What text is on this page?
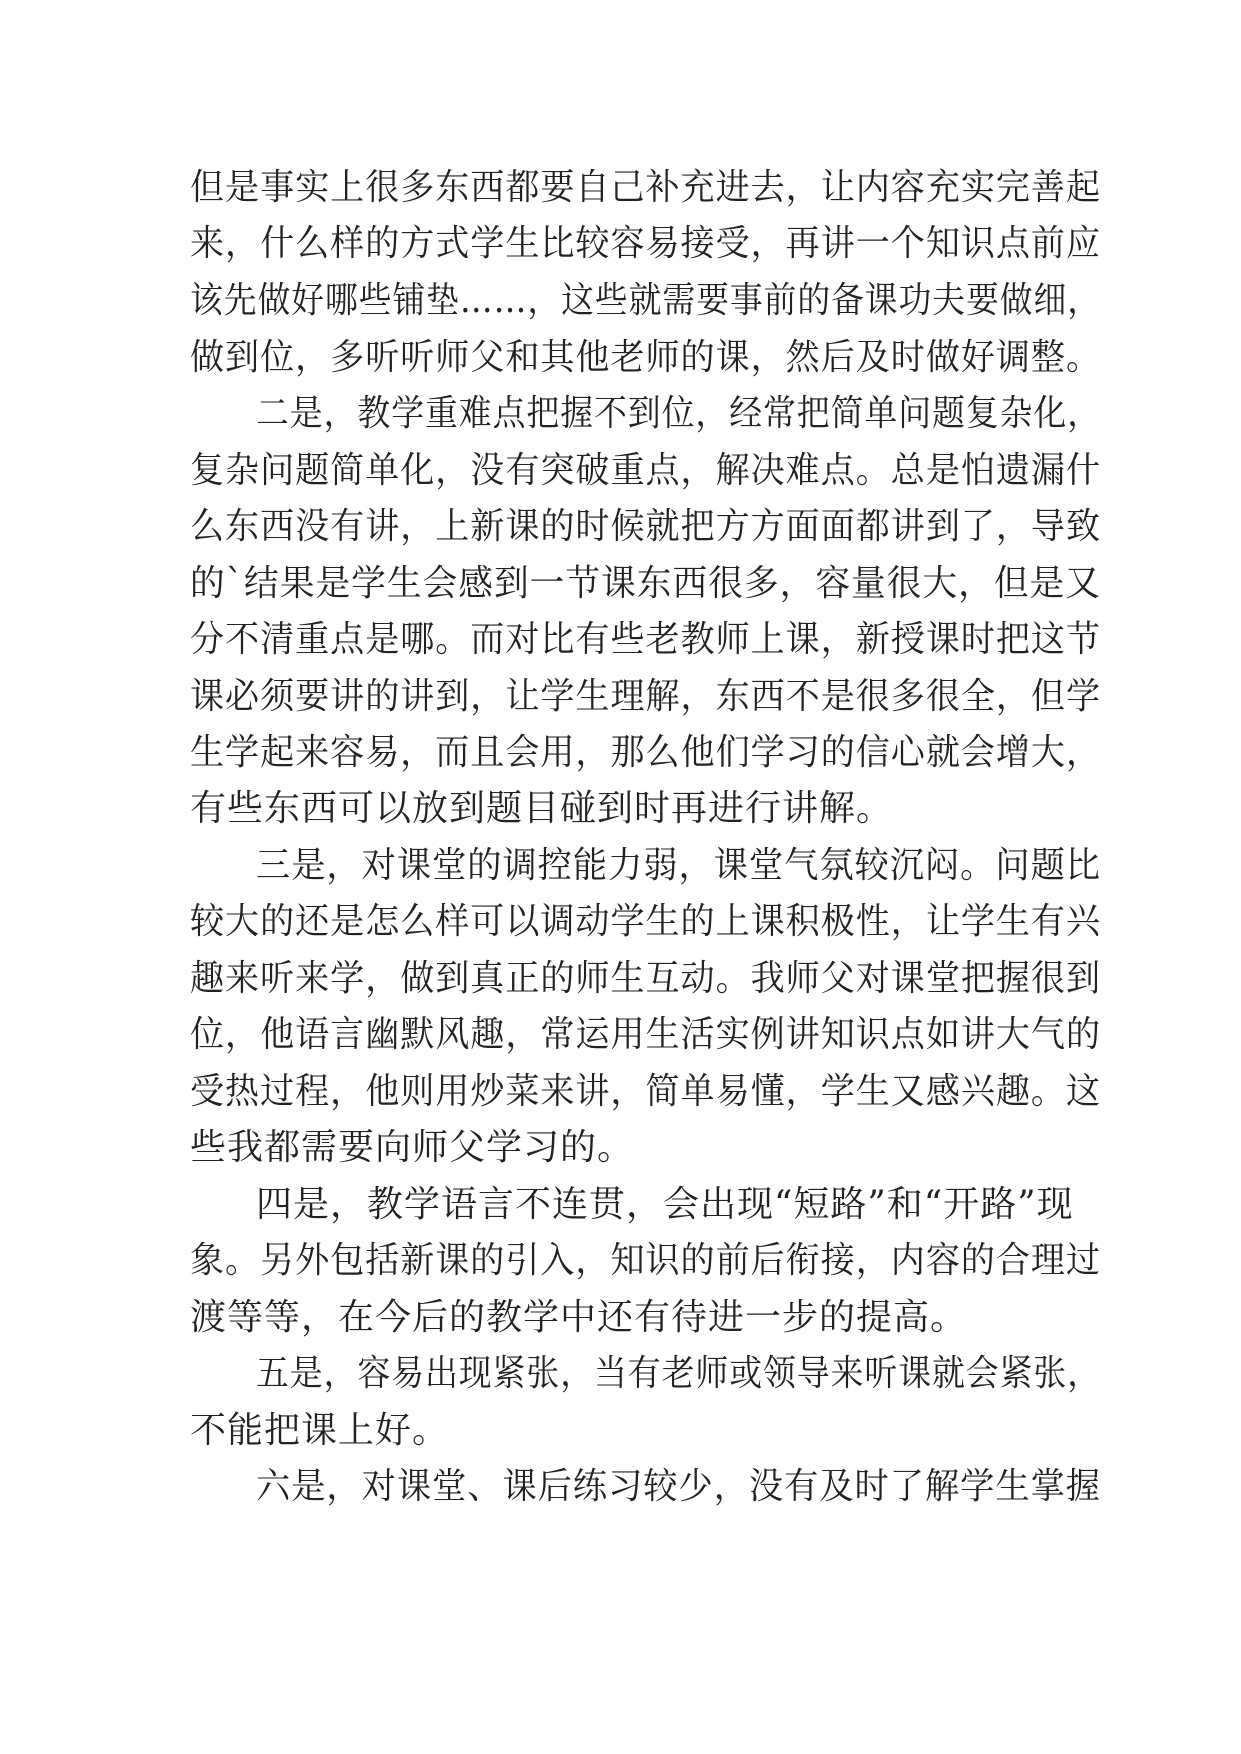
但是事实上很多东西都要自己补充进去，让内容充实完善起

来，什么样的方式学生比较容易接受，再讲一个知识点前应

该先做好哪些铺垫……，这些就需要事前的备课功夫要做细，

做到位，多听听师父和其他老师的课，然后及时做好调整。

二是，教学重难点把握不到位，经常把简单问题复杂化，

复杂问题简单化，没有突破重点，解决难点。总是怕遗漏什

么东西没有讲，上新课的时候就把方方面面都讲到了，导致

的`结果是学生会感到一节课东西很多，容量很大，但是又

分不清重点是哪。而对比有些老教师上课，新授课时把这节

课必须要讲的讲到，让学生理解，东西不是很多很全，但学

生学起来容易，而且会用，那么他们学习的信心就会增大，

有些东西可以放到题目碰到时再进行讲解。

三是，对课堂的调控能力弱，课堂气氛较沉闷。问题比

较大的还是怎么样可以调动学生的上课积极性，让学生有兴

趣来听来学，做到真正的师生互动。我师父对课堂把握很到

位，他语言幽默风趣，常运用生活实例讲知识点如讲大气的

受热过程，他则用炒菜来讲，简单易懂，学生又感兴趣。这

些我都需要向师父学习的。

四是，教学语言不连贯，会出现“短路”和“开路”现

象。另外包括新课的引入，知识的前后衔接，内容的合理过

渡等等，在今后的教学中还有待进一步的提高。

五是，容易出现紧张，当有老师或领导来听课就会紧张，

不能把课上好。

六是，对课堂、课后练习较少，没有及时了解学生掌握
